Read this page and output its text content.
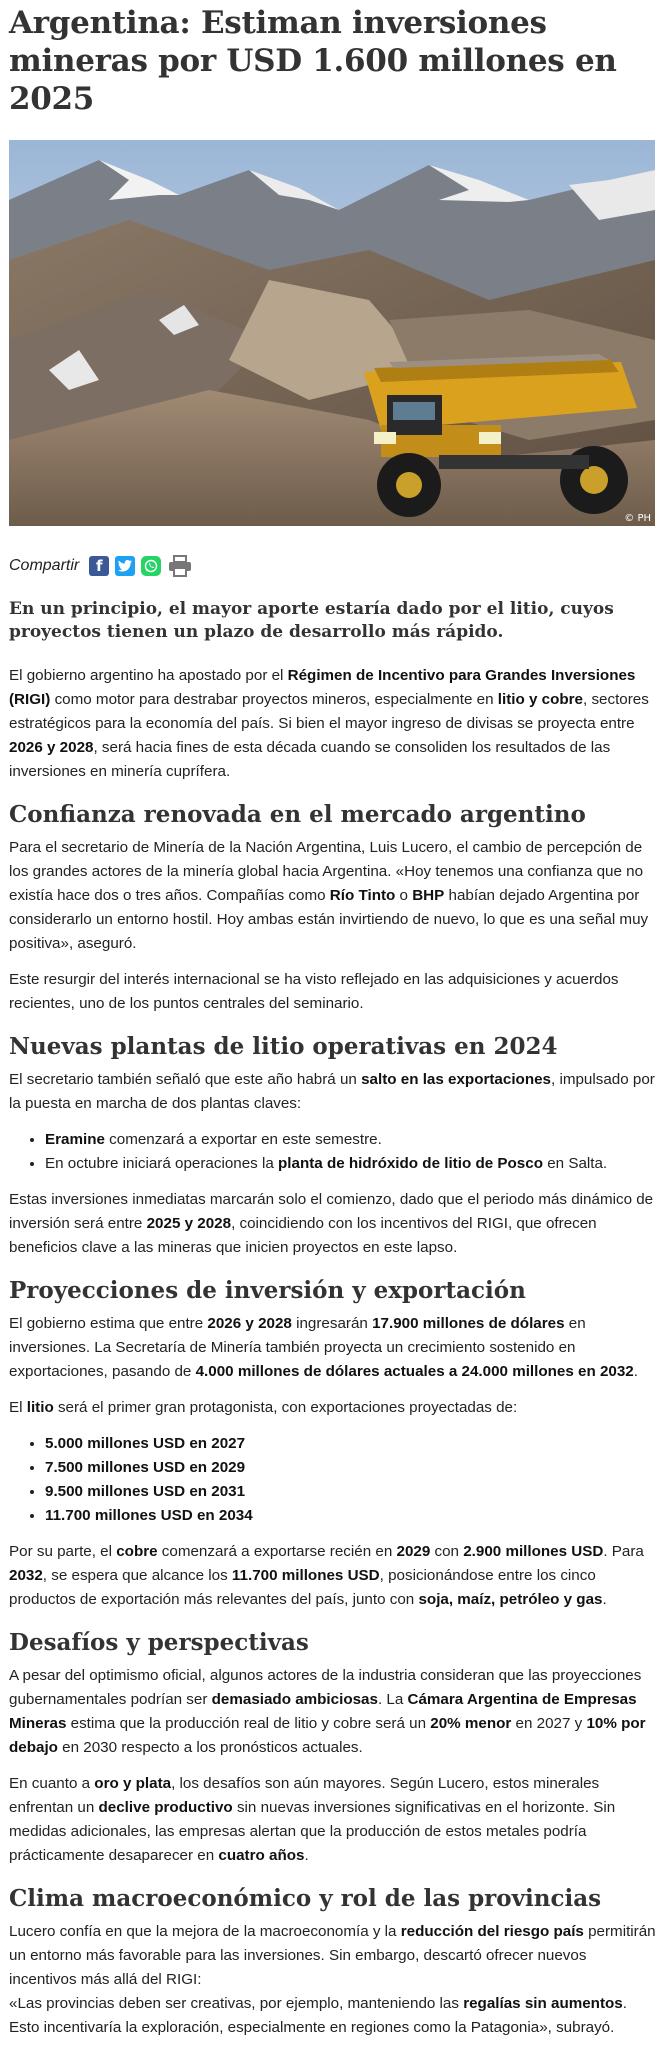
Argentina: Estiman inversiones mineras por USD 1.600 millones en 2025
© PH
Compartir	f
En un principio, el mayor aporte estaría dado por el litio, cuyos proyectos tienen un plazo de desarrollo más rápido.

El gobierno argentino ha apostado por el Régimen de Incentivo para Grandes Inversiones (RIGI) como motor para destrabar proyectos mineros, especialmente en litio y cobre, sectores estratégicos para la economía del país. Si bien el mayor ingreso de divisas se proyecta entre 2026 y 2028, será hacia fines de esta década cuando se consoliden los resultados de las inversiones en minería cuprífera.

Confianza renovada en el mercado argentino

Para el secretario de Minería de la Nación Argentina, Luis Lucero, el cambio de percepción de los grandes actores de la minería global hacia Argentina. «Hoy tenemos una confianza que no existía hace dos o tres años. Compañías como Río Tinto o BHP habían dejado Argentina por considerarlo un entorno hostil. Hoy ambas están invirtiendo de nuevo, lo que es una señal muy positiva», aseguró.

Este resurgir del interés internacional se ha visto reflejado en las adquisiciones y acuerdos recientes, uno de los puntos centrales del seminario.

Nuevas plantas de litio operativas en 2024

El secretario también señaló que este año habrá un salto en las exportaciones, impulsado por la puesta en marcha de dos plantas claves:

• Eramine comenzará a exportar en este semestre.
• En octubre iniciará operaciones la planta de hidróxido de litio de Posco en Salta.

Estas inversiones inmediatas marcarán solo el comienzo, dado que el periodo más dinámico de inversión será entre 2025 y 2028, coincidiendo con los incentivos del RIGI, que ofrecen beneficios clave a las mineras que inicien proyectos en este lapso.

Proyecciones de inversión y exportación

El gobierno estima que entre 2026 y 2028 ingresarán 17.900 millones de dólares en inversiones. La Secretaría de Minería también proyecta un crecimiento sostenido en exportaciones, pasando de 4.000 millones de dólares actuales a 24.000 millones en 2032.

El litio será el primer gran protagonista, con exportaciones proyectadas de:

• 5.000 millones USD en 2027
• 7.500 millones USD en 2029
• 9.500 millones USD en 2031
• 11.700 millones USD en 2034

Por su parte, el cobre comenzará a exportarse recién en 2029 con 2.900 millones USD. Para 2032, se espera que alcance los 11.700 millones USD, posicionándose entre los cinco productos de exportación más relevantes del país, junto con soja, maíz, petróleo y gas.

Desafíos y perspectivas

A pesar del optimismo oficial, algunos actores de la industria consideran que las proyecciones gubernamentales podrían ser demasiado ambiciosas. La Cámara Argentina de Empresas Mineras estima que la producción real de litio y cobre será un 20% menor en 2027 y 10% por debajo en 2030 respecto a los pronósticos actuales.

En cuanto a oro y plata, los desafíos son aún mayores. Según Lucero, estos minerales enfrentan un declive productivo sin nuevas inversiones significativas en el horizonte. Sin medidas adicionales, las empresas alertan que la producción de estos metales podría prácticamente desaparecer en cuatro años.

Clima macroeconómico y rol de las provincias

Lucero confía en que la mejora de la macroeconomía y la reducción del riesgo país permitirán un entorno más favorable para las inversiones. Sin embargo, descartó ofrecer nuevos incentivos más allá del RIGI:
«Las provincias deben ser creativas, por ejemplo, manteniendo las regalías sin aumentos. Esto incentivaría la exploración, especialmente en regiones como la Patagonia», subrayó.
